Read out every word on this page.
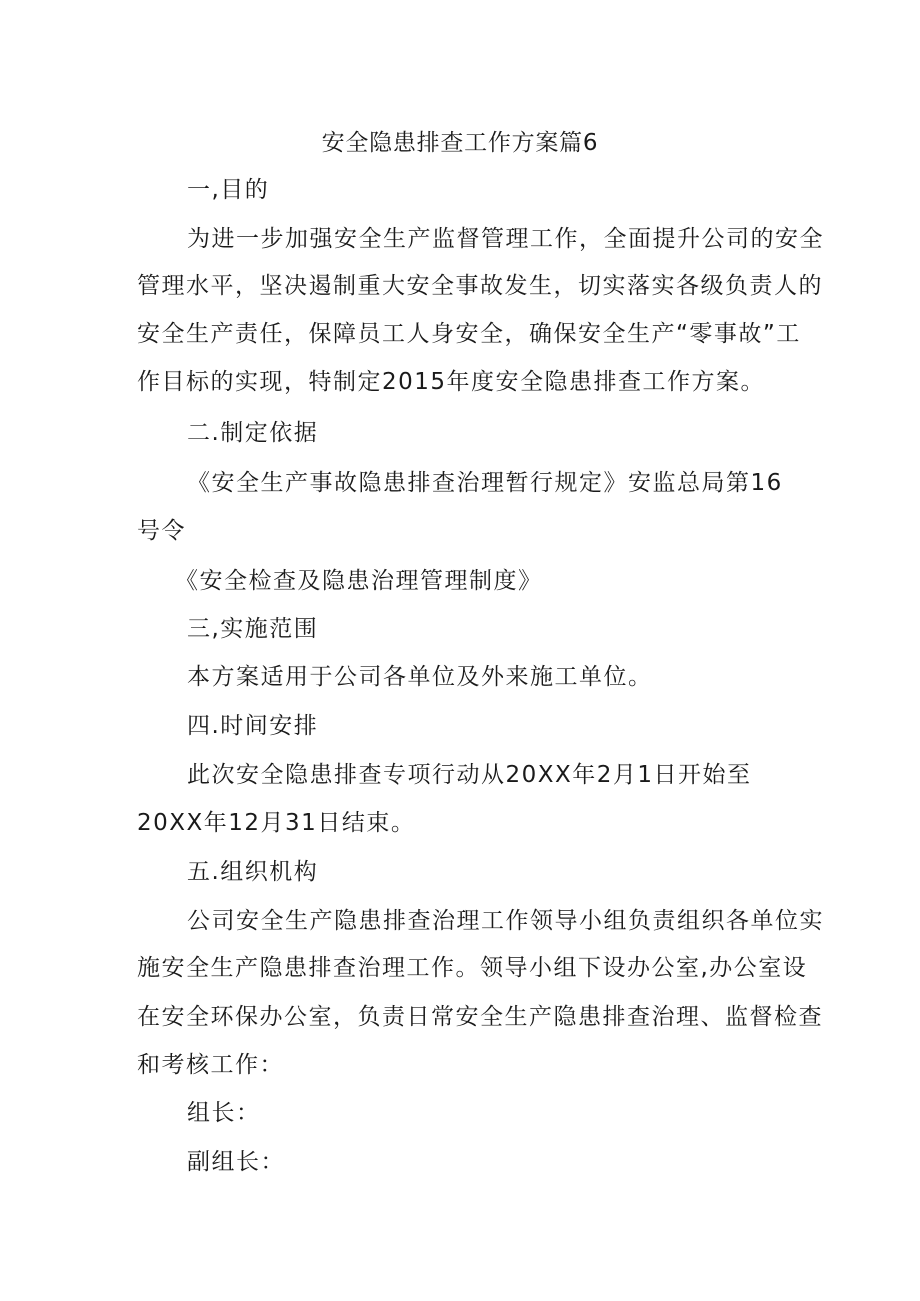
安全隐患排查工作方案篇6
一,目的
为进一步加强安全生产监督管理工作，全面提升公司的安全
管理水平，坚决遏制重大安全事故发生，切实落实各级负责人的
安全生产责任，保障员工人身安全，确保安全生产“零事故”工
作目标的实现，特制定2015年度安全隐患排查工作方案。
二.制定依据
《安全生产事故隐患排查治理暂行规定》安监总局第16
号令
《安全检查及隐患治理管理制度》
三,实施范围
本方案适用于公司各单位及外来施工单位。
四.时间安排
此次安全隐患排查专项行动从20XX年2月1日开始至
20XX年12月31日结束。
五.组织机构
公司安全生产隐患排查治理工作领导小组负责组织各单位实
施安全生产隐患排查治理工作。领导小组下设办公室,办公室设
在安全环保办公室，负责日常安全生产隐患排查治理、监督检查
和考核工作：
组长：
副组长：
